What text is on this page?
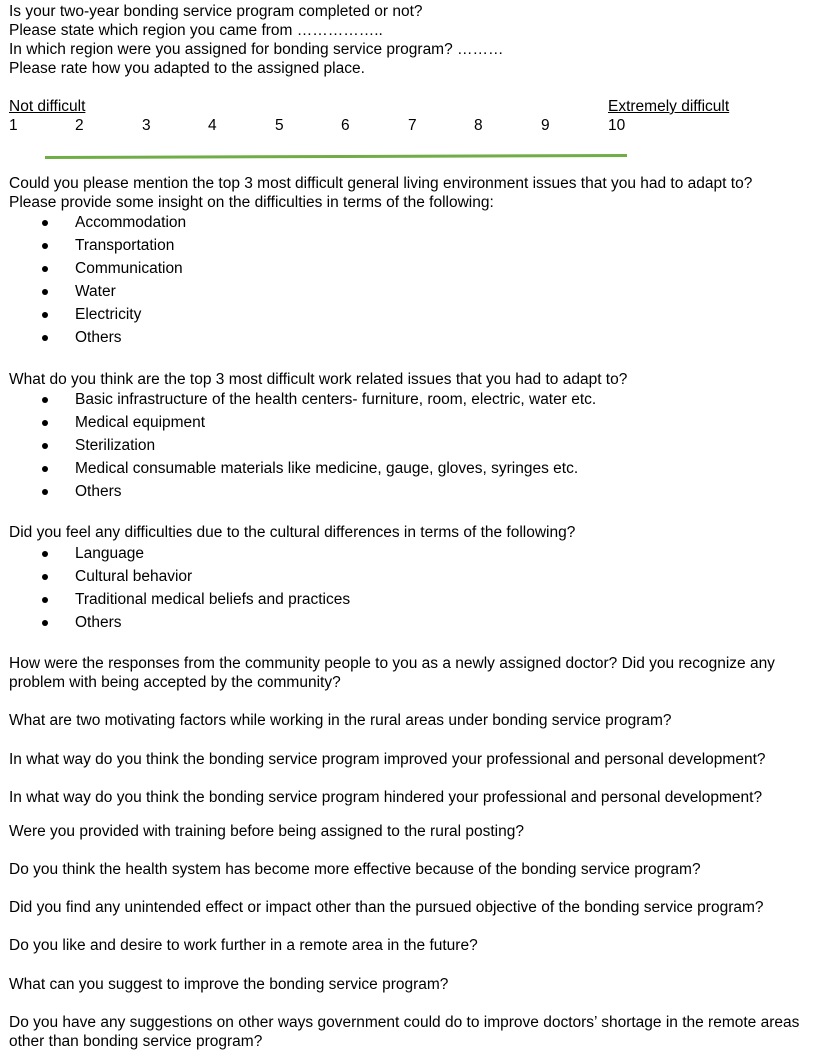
Is your two-year bonding service program completed or not?
Please state which region you came from ……………..
In which region were you assigned for bonding service program? ………
Please rate how you adapted to the assigned place.
Not difficult	Extremely difficult
1	2	3	4	5	6	7	8	9	10
Could you please mention the top 3 most difficult general living environment issues that you had to adapt to?
Please provide some insight on the difficulties in terms of the following:
Accommodation
Transportation
Communication
Water
Electricity
Others
What do you think are the top 3 most difficult work related issues that you had to adapt to?
Basic infrastructure of the health centers- furniture, room, electric, water etc.
Medical equipment
Sterilization
Medical consumable materials like medicine, gauge, gloves, syringes etc.
Others
Did you feel any difficulties due to the cultural differences in terms of the following?
Language
Cultural behavior
Traditional medical beliefs and practices
Others
How were the responses from the community people to you as a newly assigned doctor? Did you recognize any problem with being accepted by the community?
What are two motivating factors while working in the rural areas under bonding service program?
In what way do you think the bonding service program improved your professional and personal development?
In what way do you think the bonding service program hindered your professional and personal development?
Were you provided with training before being assigned to the rural posting?
Do you think the health system has become more effective because of the bonding service program?
Did you find any unintended effect or impact other than the pursued objective of the bonding service program?
Do you like and desire to work further in a remote area in the future?
What can you suggest to improve the bonding service program?
Do you have any suggestions on other ways government could do to improve doctors’ shortage in the remote areas other than bonding service program?
